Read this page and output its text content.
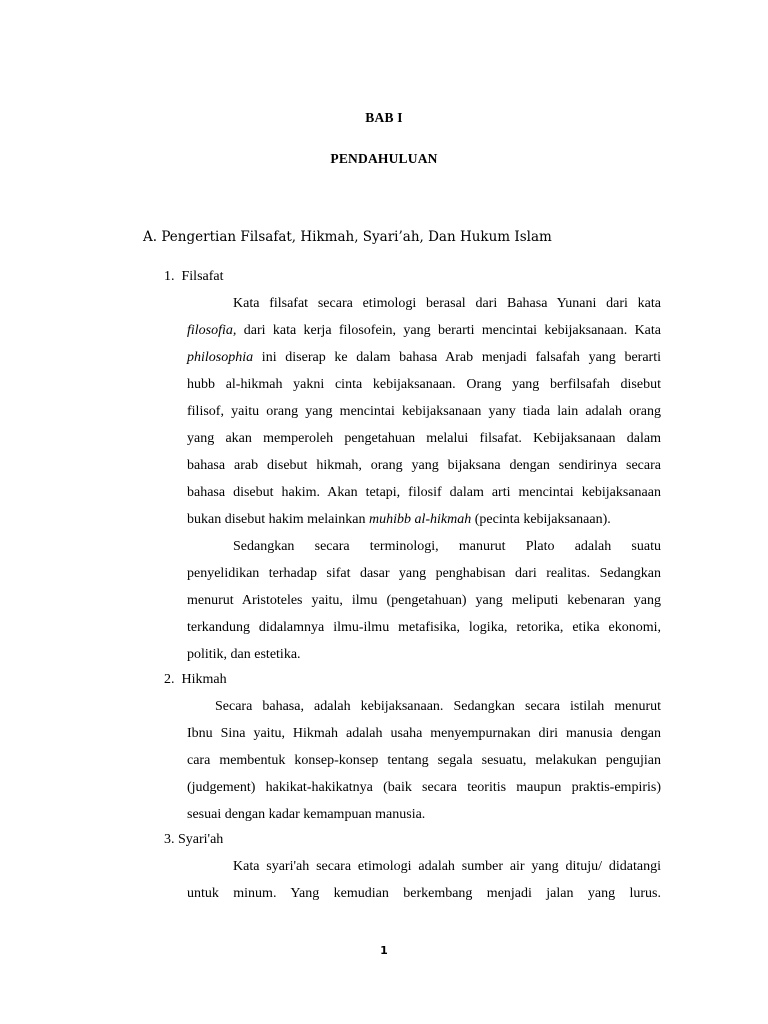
BAB I
PENDAHULUAN
A. Pengertian Filsafat, Hikmah, Syari’ah, Dan Hukum Islam
1. Filsafat
Kata filsafat secara etimologi berasal dari Bahasa Yunani dari kata
filosofia, dari kata kerja filosofein, yang berarti mencintai kebijaksanaan. Kata
philosophia ini diserap ke dalam bahasa Arab menjadi falsafah yang berarti
hubb al-hikmah yakni cinta kebijaksanaan. Orang yang berfilsafah disebut
filisof, yaitu orang yang mencintai kebijaksanaan yany tiada lain adalah orang
yang akan memperoleh pengetahuan melalui filsafat. Kebijaksanaan dalam
bahasa arab disebut hikmah, orang yang bijaksana dengan sendirinya secara
bahasa disebut hakim. Akan tetapi, filosif dalam arti mencintai kebijaksanaan
bukan disebut hakim melainkan muhibb al-hikmah (pecinta kebijaksanaan).
Sedangkan secara terminologi, manurut Plato adalah suatu
penyelidikan terhadap sifat dasar yang penghabisan dari realitas. Sedangkan
menurut Aristoteles yaitu, ilmu (pengetahuan) yang meliputi kebenaran yang
terkandung didalamnya ilmu-ilmu metafisika, logika, retorika, etika ekonomi,
politik, dan estetika.
2. Hikmah
Secara bahasa, adalah kebijaksanaan. Sedangkan secara istilah menurut
Ibnu Sina yaitu, Hikmah adalah usaha menyempurnakan diri manusia dengan
cara membentuk konsep-konsep tentang segala sesuatu, melakukan pengujian
(judgement) hakikat-hakikatnya (baik secara teoritis maupun praktis-empiris)
sesuai dengan kadar kemampuan manusia.
3. Syari'ah
Kata syari'ah secara etimologi adalah sumber air yang dituju/ didatangi
untuk minum. Yang kemudian berkembang menjadi jalan yang lurus.
1
